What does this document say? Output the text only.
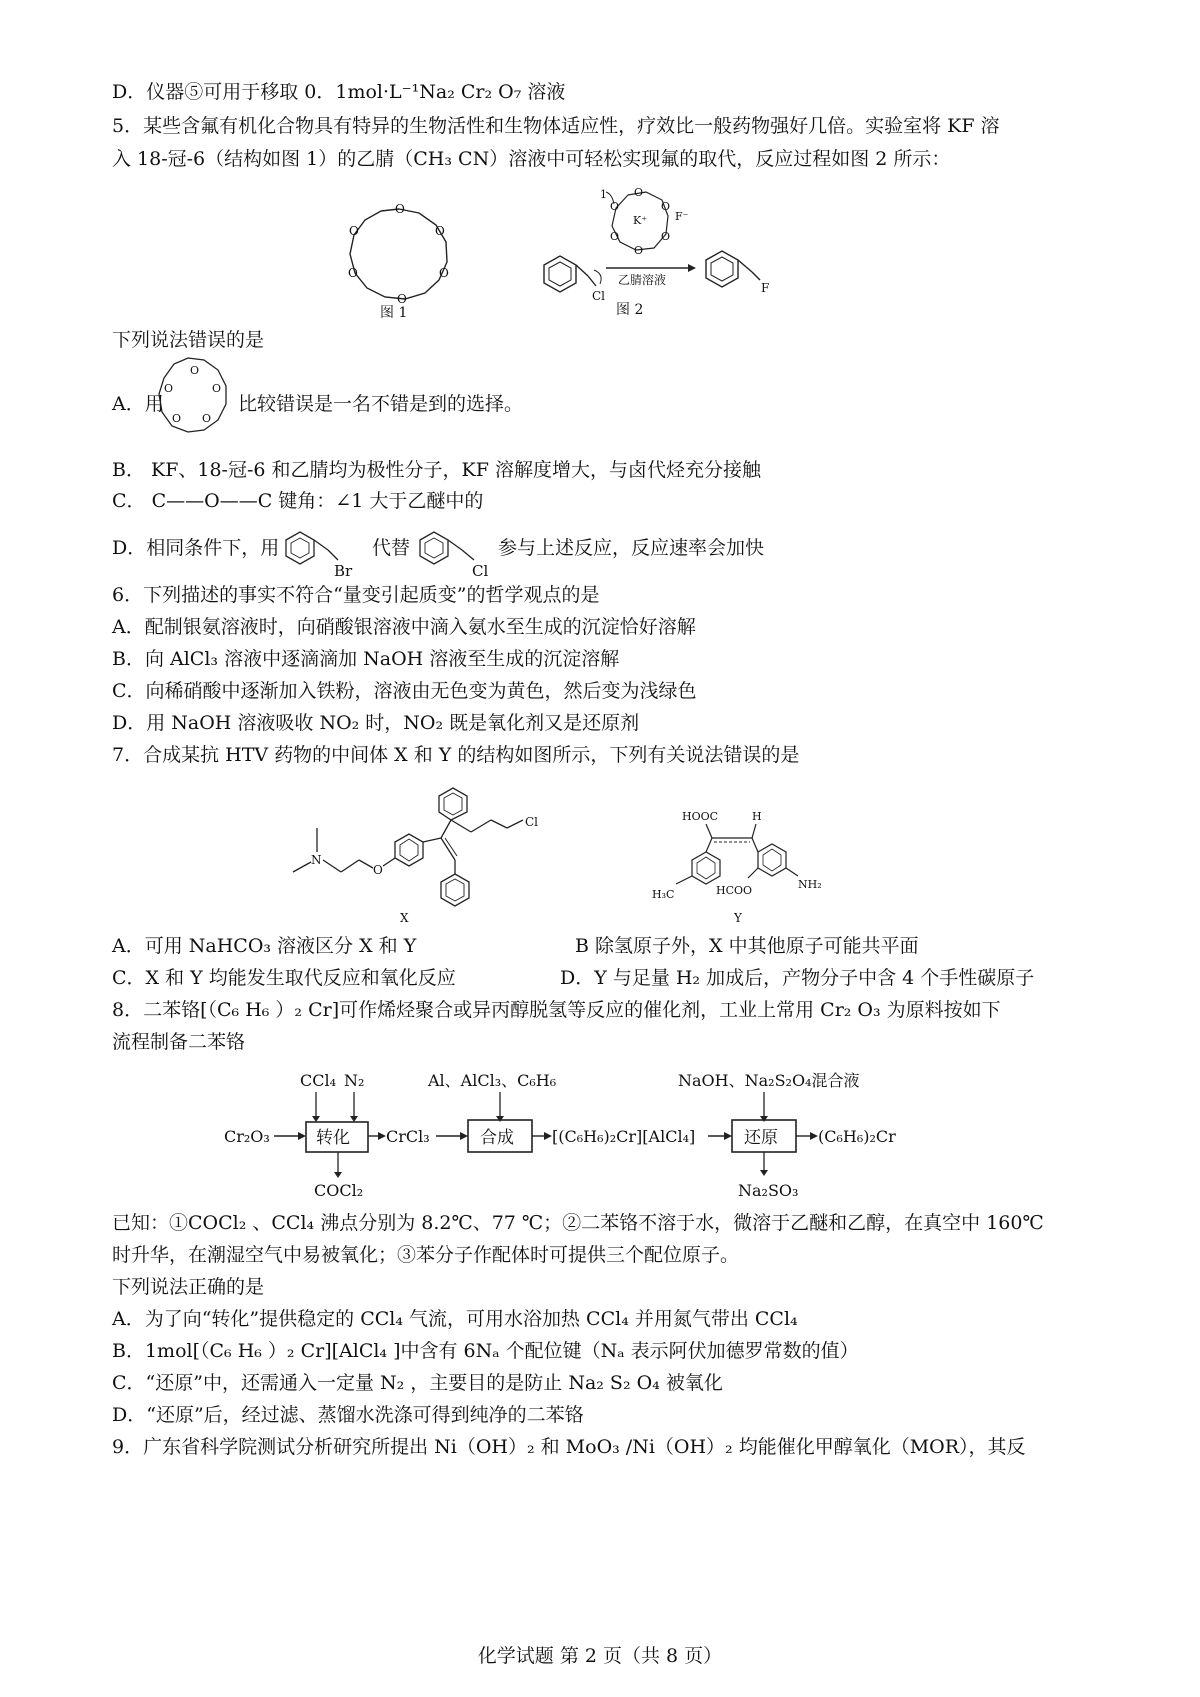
D．仪器⑤可用于移取 0．1mol·L⁻¹Na₂ Cr₂ O₇ 溶液
5．某些含氟有机化合物具有特异的生物活性和生物体适应性，疗效比一般药物强好几倍。实验室将 KF 溶
入 18-冠-6（结构如图 1）的乙腈（CH₃ CN）溶液中可轻松实现氟的取代，反应过程如图 2 所示：
O
O
O
O
O
O
图 1
Cl
O
O
O
O
O
O
K⁺	F⁻
1
乙腈溶液
F
图 2
下列说法错误的是
A．用
O
O
O
O
O
比较错误是一名不错是到的选择。
B． KF、18-冠-6 和乙腈均为极性分子，KF 溶解度增大，与卤代烃充分接触
C． C——O——C 键角：∠1 大于乙醚中的
D．相同条件下，用
Br
代替
Cl
参与上述反应，反应速率会加快
6．下列描述的事实不符合“量变引起质变”的哲学观点的是
A．配制银氨溶液时，向硝酸银溶液中滴入氨水至生成的沉淀恰好溶解
B．向 AlCl₃ 溶液中逐滴滴加 NaOH 溶液至生成的沉淀溶解
C．向稀硝酸中逐渐加入铁粉，溶液由无色变为黄色，然后变为浅绿色
D．用 NaOH 溶液吸收 NO₂ 时，NO₂ 既是氧化剂又是还原剂
7．合成某抗 HTV 药物的中间体 X 和 Y 的结构如图所示，下列有关说法错误的是
N
O
Cl
X
HOOC	H
H₃C	HCOO	NH₂
Y
A．可用 NaHCO₃ 溶液区分 X 和 Y	B 除氢原子外，X 中其他原子可能共平面
C．X 和 Y 均能发生取代反应和氧化反应	D．Y 与足量 H₂ 加成后，产物分子中含 4 个手性碳原子
8．二苯铬[（C₆ H₆ ）₂ Cr]可作烯烃聚合或异丙醇脱氢等反应的催化剂，工业上常用 Cr₂ O₃ 为原料按如下
流程制备二苯铬
Cr₂O₃
CCl₄ N₂
转化
COCl₂
CrCl₃
Al、AlCl₃、C₆H₆
合成 [(C₆H₆)₂Cr][AlCl₄]
NaOH、Na₂S₂O₄混合液
还原
Na₂SO₃
(C₆H₆)₂Cr
已知：①COCl₂ 、CCl₄ 沸点分别为 8.2℃、77 ℃；②二苯铬不溶于水，微溶于乙醚和乙醇，在真空中 160℃
时升华，在潮湿空气中易被氧化；③苯分子作配体时可提供三个配位原子。
下列说法正确的是
A．为了向“转化”提供稳定的 CCl₄ 气流，可用水浴加热 CCl₄ 并用氮气带出 CCl₄
B．1mol[（C₆ H₆ ）₂ Cr][AlCl₄ ]中含有 6Nₐ 个配位键（Nₐ 表示阿伏加德罗常数的值）
C．“还原”中，还需通入一定量 N₂ ，主要目的是防止 Na₂ S₂ O₄ 被氧化
D．“还原”后，经过滤、蒸馏水洗涤可得到纯净的二苯铬
9．广东省科学院测试分析研究所提出 Ni（OH）₂ 和 MoO₃ /Ni（OH）₂ 均能催化甲醇氧化（MOR），其反
化学试题 第 2 页（共 8 页）
